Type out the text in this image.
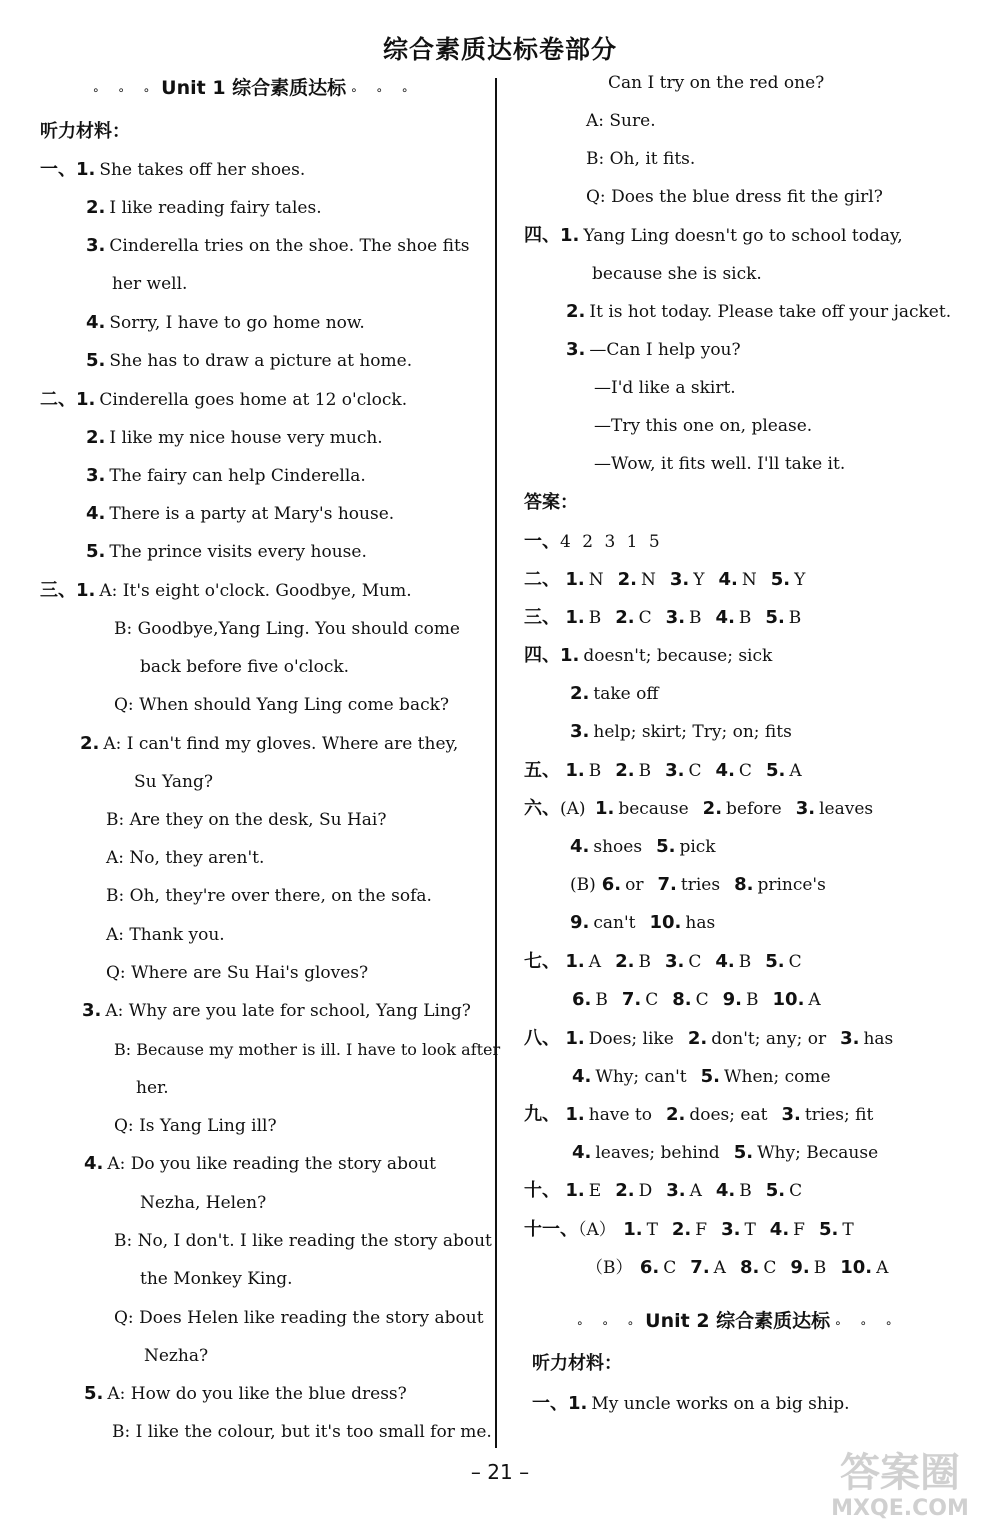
综合素质达标卷部分
∘ ∘ ∘ Unit 1 综合素质达标 ∘ ∘ ∘
听力材料：
一、1. She takes off her shoes.
2. I like reading fairy tales.
3. Cinderella tries on the shoe. The shoe fits
her well.
4. Sorry, I have to go home now.
5. She has to draw a picture at home.
二、1. Cinderella goes home at 12 o'clock.
2. I like my nice house very much.
3. The fairy can help Cinderella.
4. There is a party at Mary's house.
5. The prince visits every house.
三、1. A: It's eight o'clock. Goodbye, Mum.
B: Goodbye,Yang Ling. You should come
back before five o'clock.
Q: When should Yang Ling come back?
2. A: I can't find my gloves. Where are they,
Su Yang?
B: Are they on the desk, Su Hai?
A: No, they aren't.
B: Oh, they're over there, on the sofa.
A: Thank you.
Q: Where are Su Hai's gloves?
3. A: Why are you late for school, Yang Ling?
B: Because my mother is ill. I have to look after
her.
Q: Is Yang Ling ill?
4. A: Do you like reading the story about
Nezha, Helen?
B: No, I don't. I like reading the story about
the Monkey King.
Q: Does Helen like reading the story about
Nezha?
5. A: How do you like the blue dress?
B: I like the colour, but it's too small for me.
Can I try on the red one?
A: Sure.
B: Oh, it fits.
Q: Does the blue dress fit the girl?
四、1. Yang Ling doesn't go to school today,
because she is sick.
2. It is hot today. Please take off your jacket.
3. —Can I help you?
—I'd like a skirt.
—Try this one on, please.
—Wow, it fits well. I'll take it.
答案：
一、4 2 3 1 5
二、 1. N 2. N 3. Y 4. N 5. Y
三、 1. B 2. C 3. B 4. B 5. B
四、1. doesn't; because; sick
2. take off
3. help; skirt; Try; on; fits
五、 1. B 2. B 3. C 4. C 5. A
六、(A) 1. because 2. before 3. leaves
4. shoes 5. pick
(B) 6. or 7. tries 8. prince's
9. can't 10. has
七、 1. A 2. B 3. C 4. B 5. C
6. B 7. C 8. C 9. B 10. A
八、 1. Does; like 2. don't; any; or 3. has
4. Why; can't 5. When; come
九、 1. have to 2. does; eat 3. tries; fit
4. leaves; behind 5. Why; Because
十、 1. E 2. D 3. A 4. B 5. C
十一、（A） 1. T 2. F 3. T 4. F 5. T
（B） 6. C 7. A 8. C 9. B 10. A
∘ ∘ ∘ Unit 2 综合素质达标 ∘ ∘ ∘
听力材料：
一、1. My uncle works on a big ship.
– 21 –	答案圈
MXQE.COM
